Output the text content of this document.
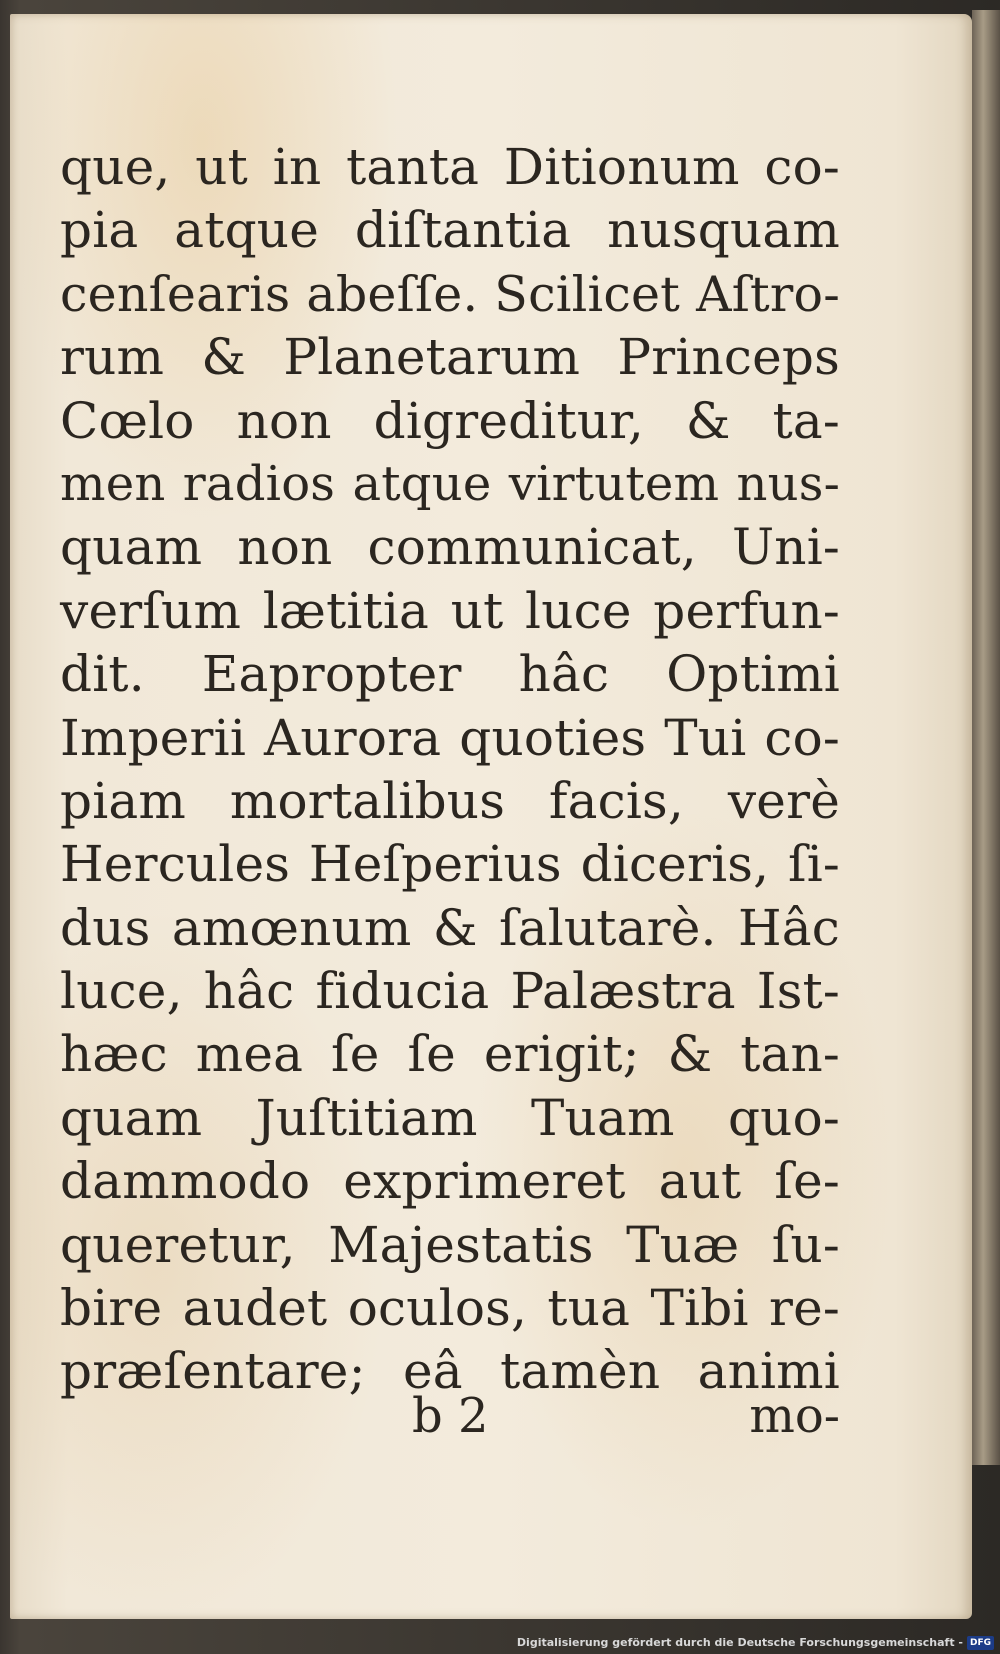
que, ut in tanta Ditionum co-
pia atque diſtantia nusquam
cenſearis abeſſe. Scilicet Aſtro-
rum & Planetarum Princeps
Cœlo non digreditur, & ta-
men radios atque virtutem nus-
quam non communicat, Uni-
verſum lætitia ut luce perfun-
dit. Eapropter hâc Optimi
Imperii Aurora quoties Tui co-
piam mortalibus facis, verè
Hercules Heſperius diceris, ſi-
dus amœnum & ſalutarè. Hâc
luce, hâc fiducia Palæstra Ist-
hæc mea ſe ſe erigit; & tan-
quam Juſtitiam Tuam quo-
dammodo exprimeret aut ſe-
queretur, Majestatis Tuæ ſu-
bire audet oculos, tua Tibi re-
præſentare; eâ tamèn animi
b 2	mo-
Digitalisierung gefördert durch die Deutsche Forschungsgemeinschaft - DFG
